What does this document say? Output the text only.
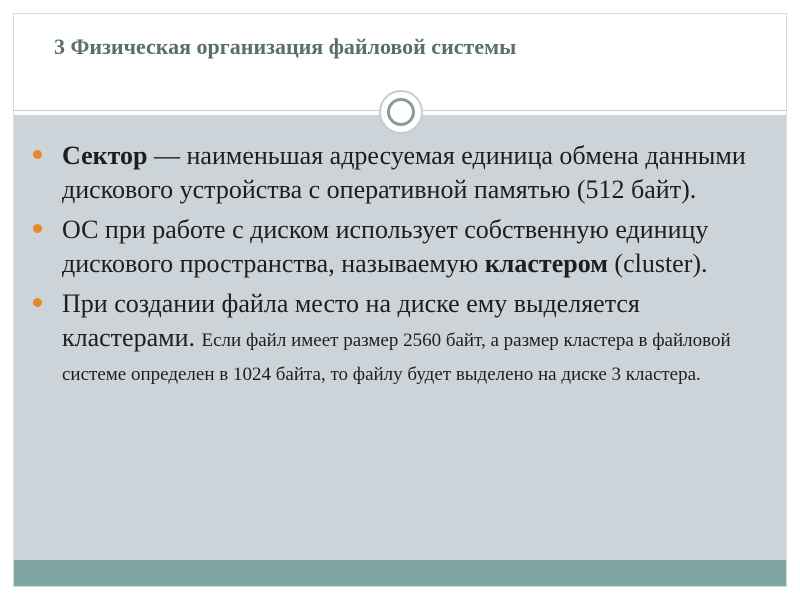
3 Физическая организация файловой системы
Сектор — наименьшая адресуемая единица обмена данными дискового устройства с оперативной памятью (512 байт).
ОС при работе с диском использует собственную единицу дискового пространства, называемую кластером (cluster).
При создании файла место на диске ему выделяется кластерами. Если файл имеет размер 2560 байт, а размер кластера в файловой системе определен в 1024 байта, то файлу будет выделено на диске 3 кластера.
